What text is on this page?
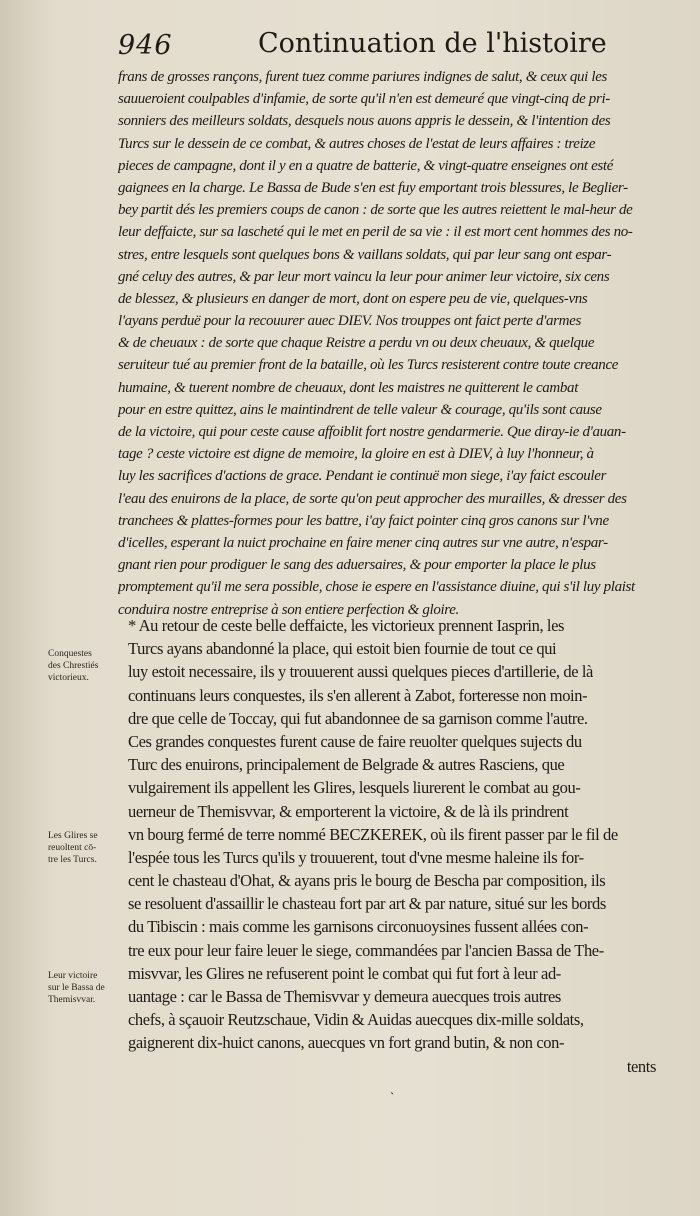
946	Continuation de l'histoire
frans de grosses rançons, furent tuez comme pariures indignes de salut, & ceux qui les
sauueroient coulpables d'infamie, de sorte qu'il n'en est demeuré que vingt-cinq de pri-
sonniers des meilleurs soldats, desquels nous auons appris le dessein, & l'intention des
Turcs sur le dessein de ce combat, & autres choses de l'estat de leurs affaires : treize
pieces de campagne, dont il y en a quatre de batterie, & vingt-quatre enseignes ont esté
gaignees en la charge. Le Bassa de Bude s'en est fuy emportant trois blessures, le Beglier-
bey partit dés les premiers coups de canon : de sorte que les autres reiettent le mal-heur de
leur deffaicte, sur sa lascheté qui le met en peril de sa vie : il est mort cent hommes des no-
stres, entre lesquels sont quelques bons & vaillans soldats, qui par leur sang ont espar-
gné celuy des autres, & par leur mort vaincu la leur pour animer leur victoire, six cens
de blessez, & plusieurs en danger de mort, dont on espere peu de vie, quelques-vns
l'ayans perduë pour la recouurer auec DIEV. Nos trouppes ont faict perte d'armes
& de cheuaux : de sorte que chaque Reistre a perdu vn ou deux cheuaux, & quelque
seruiteur tué au premier front de la bataille, où les Turcs resisterent contre toute creance
humaine, & tuerent nombre de cheuaux, dont les maistres ne quitterent le cambat
pour en estre quittez, ains le maintindrent de telle valeur & courage, qu'ils sont cause
de la victoire, qui pour ceste cause affoiblit fort nostre gendarmerie. Que diray-ie d'auan-
tage ? ceste victoire est digne de memoire, la gloire en est à DIEV, à luy l'honneur, à
luy les sacrifices d'actions de grace. Pendant ie continuë mon siege, i'ay faict escouler
l'eau des enuirons de la place, de sorte qu'on peut approcher des murailles, & dresser des
tranchees & plattes-formes pour les battre, i'ay faict pointer cinq gros canons sur l'vne
d'icelles, esperant la nuict prochaine en faire mener cinq autres sur vne autre, n'espar-
gnant rien pour prodiguer le sang des aduersaires, & pour emporter la place le plus
promptement qu'il me sera possible, chose ie espere en l'assistance diuine, qui s'il luy plaist
conduira nostre entreprise à son entiere perfection & gloire.
Conquestes
des Chrestiés
victorieux.
Les Glires se
reuoltent cō-
tre les Turcs.
Leur victoire
sur le Bassa de
Themisvvar.
* Au retour de ceste belle deffaicte, les victorieux prennent Iasprin, les
Turcs ayans abandonné la place, qui estoit bien fournie de tout ce qui
luy estoit necessaire, ils y trouuerent aussi quelques pieces d'artillerie, de là
continuans leurs conquestes, ils s'en allerent à Zabot, forteresse non moin-
dre que celle de Toccay, qui fut abandonnee de sa garnison comme l'autre.
Ces grandes conquestes furent cause de faire reuolter quelques sujects du
Turc des enuirons, principalement de Belgrade & autres Rasciens, que
vulgairement ils appellent les Glires, lesquels liurerent le combat au gou-
uerneur de Themisvvar, & emporterent la victoire, & de là ils prindrent
vn bourg fermé de terre nommé BECZKEREK, où ils firent passer par le fil de
l'espée tous les Turcs qu'ils y trouuerent, tout d'vne mesme haleine ils for-
cent le chasteau d'Ohat, & ayans pris le bourg de Beschа par composition, ils
se resoluent d'assaillir le chasteau fort par art & par nature, situé sur les bords
du Tibiscin : mais comme les garnisons circonuoysines fussent allées con-
tre eux pour leur faire leuer le siege, commandées par l'ancien Bassa de The-
misvvar, les Glires ne refuserent point le combat qui fut fort à leur ad-
uantage : car le Bassa de Themisvvar y demeura auecques trois autres
chefs, à sçauoir Reutzschaue, Vidin & Auidas auecques dix-mille soldats,
gaignerent dix-huict canons, auecques vn fort grand butin, & non con-
tents
ˎ
